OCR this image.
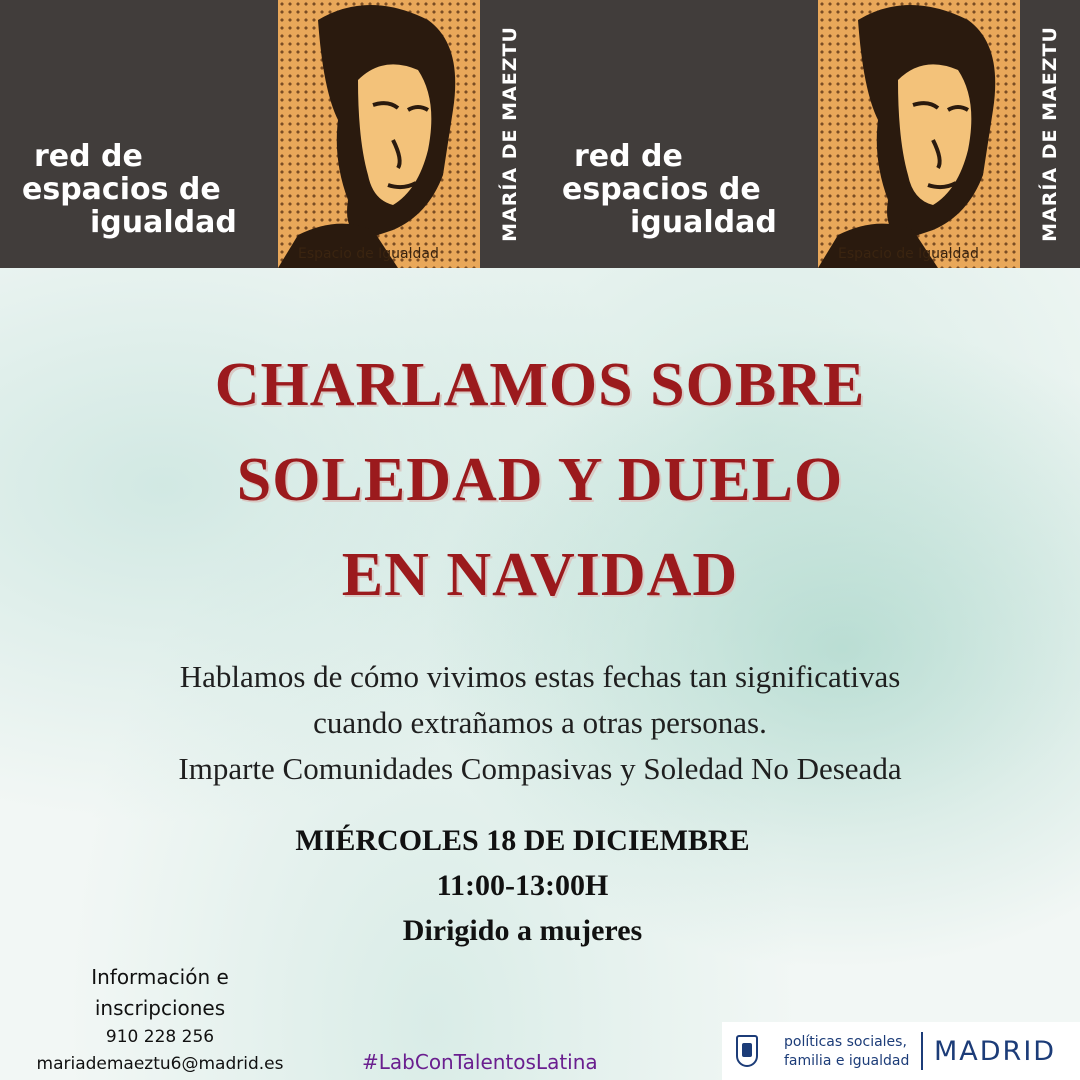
red de
espacios de
igualdad
Espacio de Igualdad
MARÍA DE MAEZTU red de
espacios de
igualdad
Espacio de Igualdad
MARÍA DE MAEZTU
CHARLAMOS SOBRE
SOLEDAD Y DUELO
EN NAVIDAD
Hablamos de cómo vivimos estas fechas tan significativas
cuando extrañamos a otras personas.
Imparte Comunidades Compasivas y Soledad No Deseada
MIÉRCOLES 18 DE DICIEMBRE
11:00-13:00H
Dirigido a mujeres
Información e
inscripciones
910 228 256
mariademaeztu6@madrid.es	#LabConTalentosLatina
políticas sociales,
familia e igualdad MADRID
